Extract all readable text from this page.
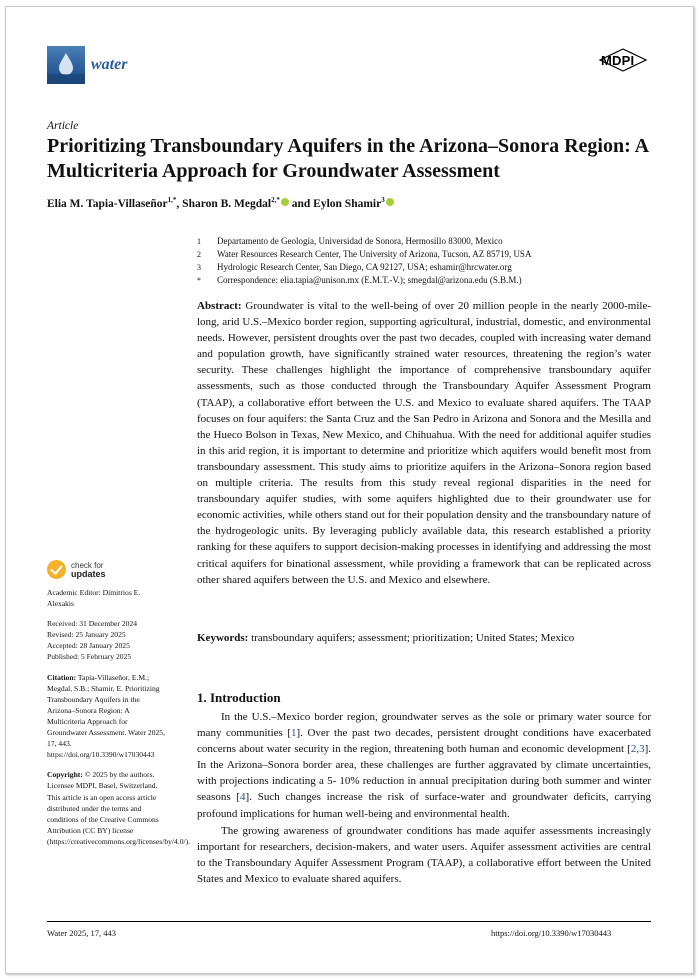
water	MDPI
Article
Prioritizing Transboundary Aquifers in the Arizona–Sonora Region: A Multicriteria Approach for Groundwater Assessment
Elia M. Tapia-Villaseñor$^{1,*}$, Sharon B. Megdal$^{2,*}$ and Eylon Shamir$^3$
1	Departamento de Geología, Universidad de Sonora, Hermosillo 83000, Mexico
2	Water Resources Research Center, The University of Arizona, Tucson, AZ 85719, USA
3	Hydrologic Research Center, San Diego, CA 92127, USA; eshamir@hrcwater.org
*	Correspondence: elia.tapia@unison.mx (E.M.T.-V.); smegdal@arizona.edu (S.B.M.)
Abstract: Groundwater is vital to the well-being of over 20 million people in the nearly 2000-mile-long, arid U.S.–Mexico border region, supporting agricultural, industrial, domestic, and environmental needs. However, persistent droughts over the past two decades, coupled with increasing water demand and population growth, have significantly strained water resources, threatening the region’s water security. These challenges highlight the importance of comprehensive transboundary aquifer assessments, such as those conducted through the Transboundary Aquifer Assessment Program (TAAP), a collaborative effort between the U.S. and Mexico to evaluate shared aquifers. The TAAP focuses on four aquifers: the Santa Cruz and the San Pedro in Arizona and Sonora and the Mesilla and the Hueco Bolson in Texas, New Mexico, and Chihuahua. With the need for additional aquifer studies in this arid region, it is important to determine and prioritize which aquifers would benefit most from transboundary assessment. This study aims to prioritize aquifers in the Arizona–Sonora region based on multiple criteria. The results from this study reveal regional disparities in the need for transboundary aquifer studies, with some aquifers highlighted due to their groundwater use for economic activities, while others stand out for their population density and the transboundary nature of the hydrogeologic units. By leveraging publicly available data, this research established a priority ranking for these aquifers to support decision-making processes in identifying and addressing the most critical aquifers for binational assessment, while providing a framework that can be replicated across other shared aquifers between the U.S. and Mexico and elsewhere.
Keywords: transboundary aquifers; assessment; prioritization; United States; Mexico
1. Introduction

In the U.S.–Mexico border region, groundwater serves as the sole or primary water source for many communities [1]. Over the past two decades, persistent drought conditions have exacerbated concerns about water security in the region, threatening both human and economic development [2,3]. In the Arizona–Sonora border area, these challenges are further aggravated by climate uncertainties, with projections indicating a 5- 10% reduction in annual precipitation during both summer and winter seasons [4]. Such changes increase the risk of surface-water and groundwater deficits, carrying profound implications for human well-being and environmental health.

The growing awareness of groundwater conditions has made aquifer assessments increasingly important for researchers, decision-makers, and water users. Aquifer assessment activities are central to the Transboundary Aquifer Assessment Program (TAAP), a collaborative effort between the United States and Mexico to evaluate shared aquifers.

check for
updates
Academic Editor: Dimitrios E. Alexakis
Received: 31 December 2024
Revised: 25 January 2025
Accepted: 28 January 2025
Published: 5 February 2025
Citation: Tapia-Villaseñor, E.M.; Megdal, S.B.; Shamir, E. Prioritizing Transboundary Aquifers in the Arizona–Sonora Region: A Multicriteria Approach for Groundwater Assessment. Water 2025, 17, 443. https://doi.org/10.3390/w17030443
Copyright: © 2025 by the authors. Licensee MDPI, Basel, Switzerland. This article is an open access article distributed under the terms and conditions of the Creative Commons Attribution (CC BY) license (https://creativecommons.org/licenses/by/4.0/).
Water 2025, 17, 443	https://doi.org/10.3390/w17030443
